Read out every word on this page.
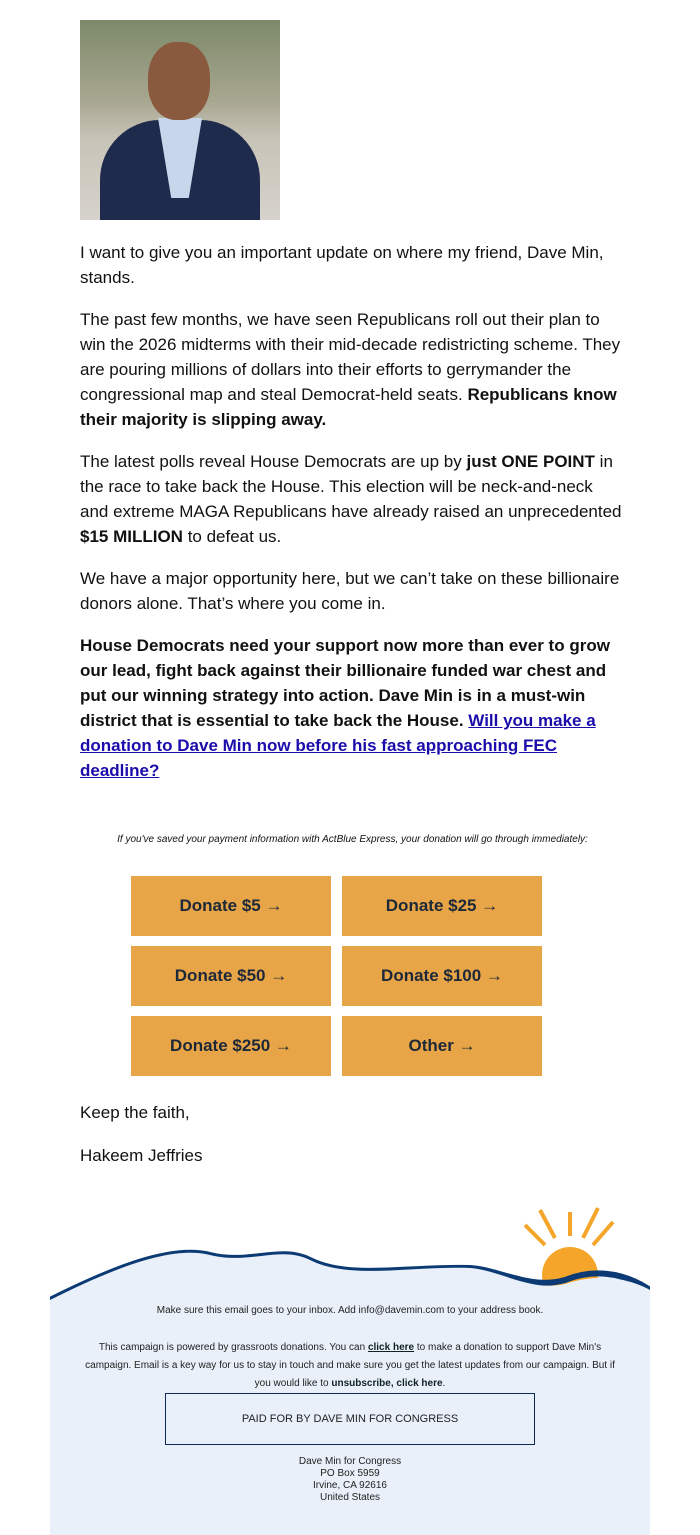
I want to give you an important update on where my friend, Dave Min, stands.

The past few months, we have seen Republicans roll out their plan to win the 2026 midterms with their mid-decade redistricting scheme. They are pouring millions of dollars into their efforts to gerrymander the congressional map and steal Democrat-held seats. Republicans know their majority is slipping away.

The latest polls reveal House Democrats are up by just ONE POINT in the race to take back the House. This election will be neck-and-neck and extreme MAGA Republicans have already raised an unprecedented $15 MILLION to defeat us.

We have a major opportunity here, but we can’t take on these billionaire donors alone. That’s where you come in.

House Democrats need your support now more than ever to grow our lead, fight back against their billionaire funded war chest and put our winning strategy into action. Dave Min is in a must-win district that is essential to take back the House. Will you make a donation to Dave Min now before his fast approaching FEC deadline?

If you've saved your payment information with ActBlue Express, your donation will go through immediately:
Donate $5 →	Donate $25 →
Donate $50 →	Donate $100 →
Donate $250 →	Other →
Keep the faith,
Hakeem Jeffries
Make sure this email goes to your inbox. Add info@davemin.com to your address book.
This campaign is powered by grassroots donations. You can click here to make a donation to support Dave Min's campaign. Email is a key way for us to stay in touch and make sure you get the latest updates from our campaign. But if you would like to unsubscribe, click here.
PAID FOR BY DAVE MIN FOR CONGRESS
Dave Min for Congress
PO Box 5959
Irvine, CA 92616
United States
